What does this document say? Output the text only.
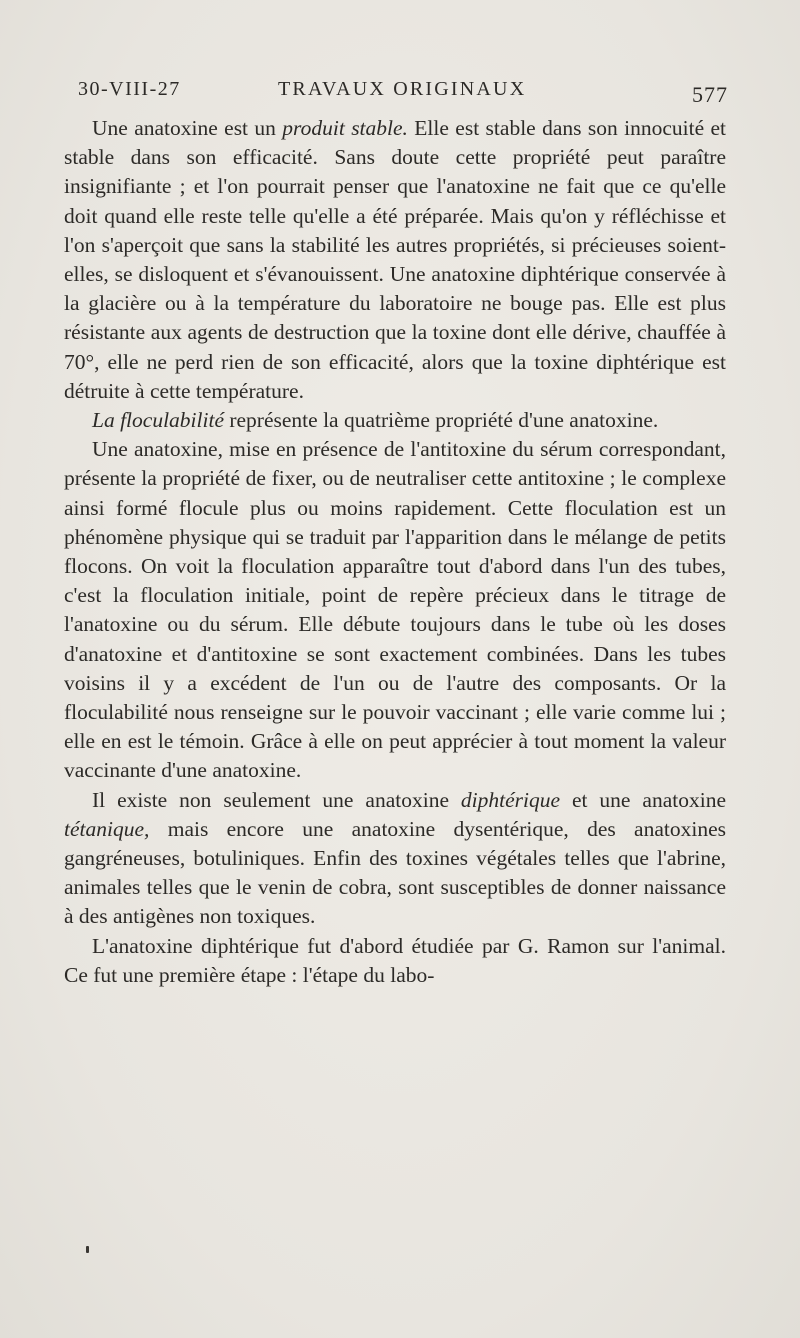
30-VIII-27	TRAVAUX ORIGINAUX	577

Une anatoxine est un produit stable. Elle est stable dans son innocuité et stable dans son efficacité. Sans doute cette propriété peut paraître insignifiante ; et l'on pourrait penser que l'anatoxine ne fait que ce qu'elle doit quand elle reste telle qu'elle a été préparée. Mais qu'on y réfléchisse et l'on s'aperçoit que sans la stabilité les autres propriétés, si précieuses soient-elles, se disloquent et s'évanouissent. Une anatoxine diphtérique conservée à la glacière ou à la température du laboratoire ne bouge pas. Elle est plus résistante aux agents de destruction que la toxine dont elle dérive, chauffée à 70°, elle ne perd rien de son efficacité, alors que la toxine diphtérique est détruite à cette température.

La floculabilité représente la quatrième propriété d'une anatoxine.

Une anatoxine, mise en présence de l'antitoxine du sérum correspondant, présente la propriété de fixer, ou de neutraliser cette antitoxine ; le complexe ainsi formé flocule plus ou moins rapidement. Cette floculation est un phénomène physique qui se traduit par l'apparition dans le mélange de petits flocons. On voit la floculation apparaître tout d'abord dans l'un des tubes, c'est la floculation initiale, point de repère précieux dans le titrage de l'anatoxine ou du sérum. Elle débute toujours dans le tube où les doses d'anatoxine et d'antitoxine se sont exactement combinées. Dans les tubes voisins il y a excédent de l'un ou de l'autre des composants. Or la floculabilité nous renseigne sur le pouvoir vaccinant ; elle varie comme lui ; elle en est le témoin. Grâce à elle on peut apprécier à tout moment la valeur vaccinante d'une anatoxine.

Il existe non seulement une anatoxine diphtérique et une anatoxine tétanique, mais encore une anatoxine dysentérique, des anatoxines gangréneuses, botuliniques. Enfin des toxines végétales telles que l'abrine, animales telles que le venin de cobra, sont susceptibles de donner naissance à des antigènes non toxiques.

L'anatoxine diphtérique fut d'abord étudiée par G. Ramon sur l'animal. Ce fut une première étape : l'étape du labo-
